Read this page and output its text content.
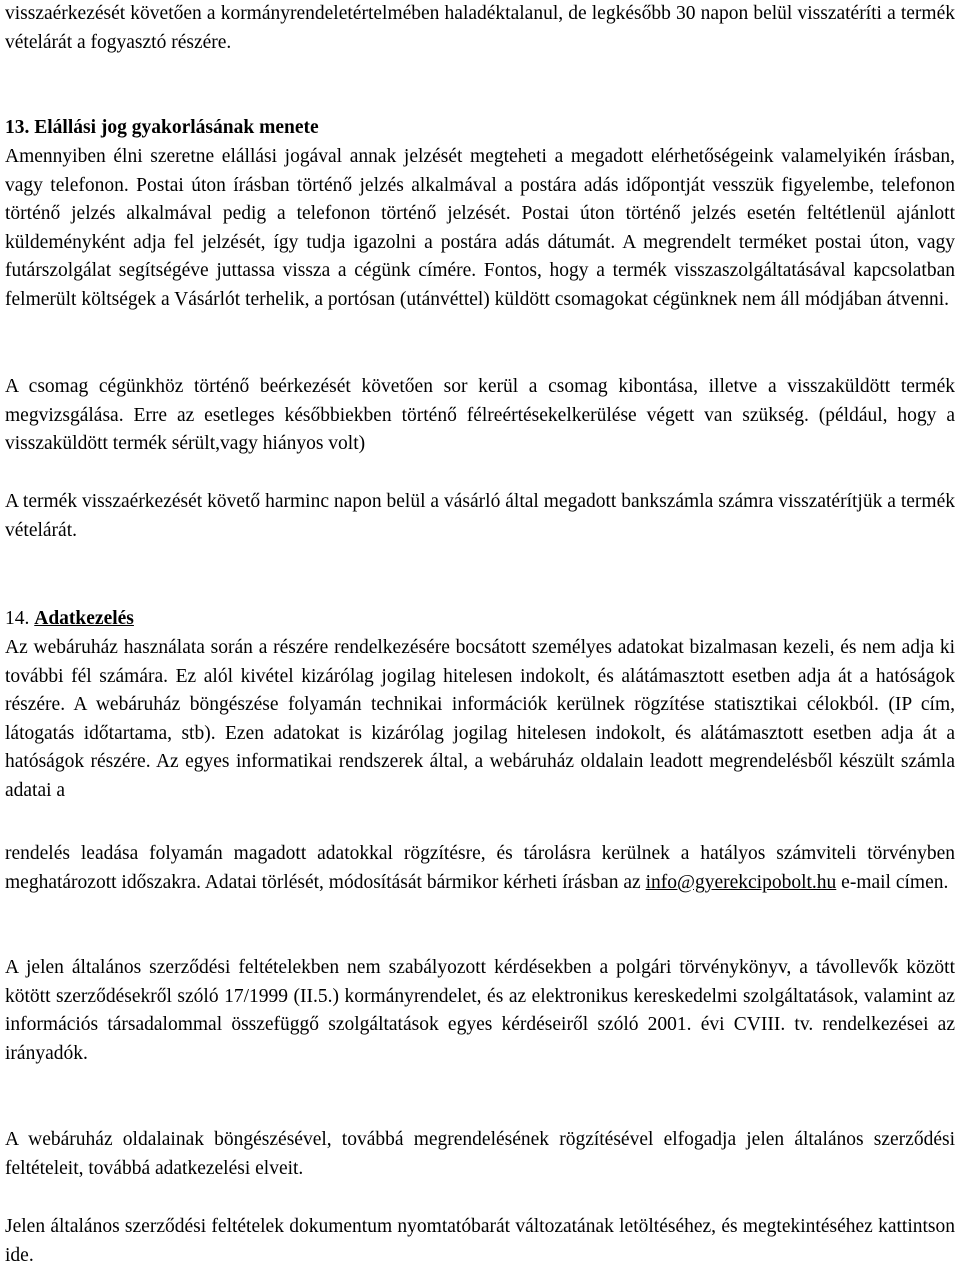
visszaérkezését követően a kormányrendeletértelmében haladéktalanul, de legkésőbb 30 napon belül visszatéríti a termék vételárát a fogyasztó részére.

13. Elállási jog gyakorlásának menete

Amennyiben élni szeretne elállási jogával annak jelzését megteheti a megadott elérhetőségeink valamelyikén írásban, vagy telefonon. Postai úton írásban történő jelzés alkalmával a postára adás időpontját vesszük figyelembe, telefonon történő jelzés alkalmával pedig a telefonon történő jelzését. Postai úton történő jelzés esetén feltétlenül ajánlott küldeményként adja fel jelzését, így tudja igazolni a postára adás dátumát. A megrendelt terméket postai úton, vagy futárszolgálat segítségéve juttassa vissza a cégünk címére. Fontos, hogy a termék visszaszolgáltatásával kapcsolatban felmerült költségek a Vásárlót terhelik, a portósan (utánvéttel) küldött csomagokat cégünknek nem áll módjában átvenni.

A csomag cégünkhöz történő beérkezését követően sor kerül a csomag kibontása, illetve a visszaküldött termék megvizsgálása. Erre az esetleges későbbiekben történő félreértésekelkerülése végett van szükség. (például, hogy a visszaküldött termék sérült,vagy hiányos volt)

A termék visszaérkezését követő harminc napon belül a vásárló által megadott bankszámla számra visszatérítjük a termék vételárát.

14. Adatkezelés

Az webáruház használata során a részére rendelkezésére bocsátott személyes adatokat bizalmasan kezeli, és nem adja ki további fél számára. Ez alól kivétel kizárólag jogilag hitelesen indokolt, és alátámasztott esetben adja át a hatóságok részére. A webáruház böngészése folyamán technikai információk kerülnek rögzítése statisztikai célokból. (IP cím, látogatás időtartama, stb). Ezen adatokat is kizárólag jogilag hitelesen indokolt, és alátámasztott esetben adja át a hatóságok részére. Az egyes informatikai rendszerek által, a webáruház oldalain leadott megrendelésből készült számla adatai a

rendelés leadása folyamán magadott adatokkal rögzítésre, és tárolásra kerülnek a hatályos számviteli törvényben meghatározott időszakra. Adatai törlését, módosítását bármikor kérheti írásban az info@gyerekcipobolt.hu e-mail címen.

A jelen általános szerződési feltételekben nem szabályozott kérdésekben a polgári törvénykönyv, a távollevők között kötött szerződésekről szóló 17/1999 (II.5.) kormányrendelet, és az elektronikus kereskedelmi szolgáltatások, valamint az információs társadalommal összefüggő szolgáltatások egyes kérdéseiről szóló 2001. évi CVIII. tv. rendelkezései az irányadók.

A webáruház oldalainak böngészésével, továbbá megrendelésének rögzítésével elfogadja jelen általános szerződési feltételeit, továbbá adatkezelési elveit.

Jelen általános szerződési feltételek dokumentum nyomtatóbarát változatának letöltéséhez, és megtekintéséhez kattintson ide.
